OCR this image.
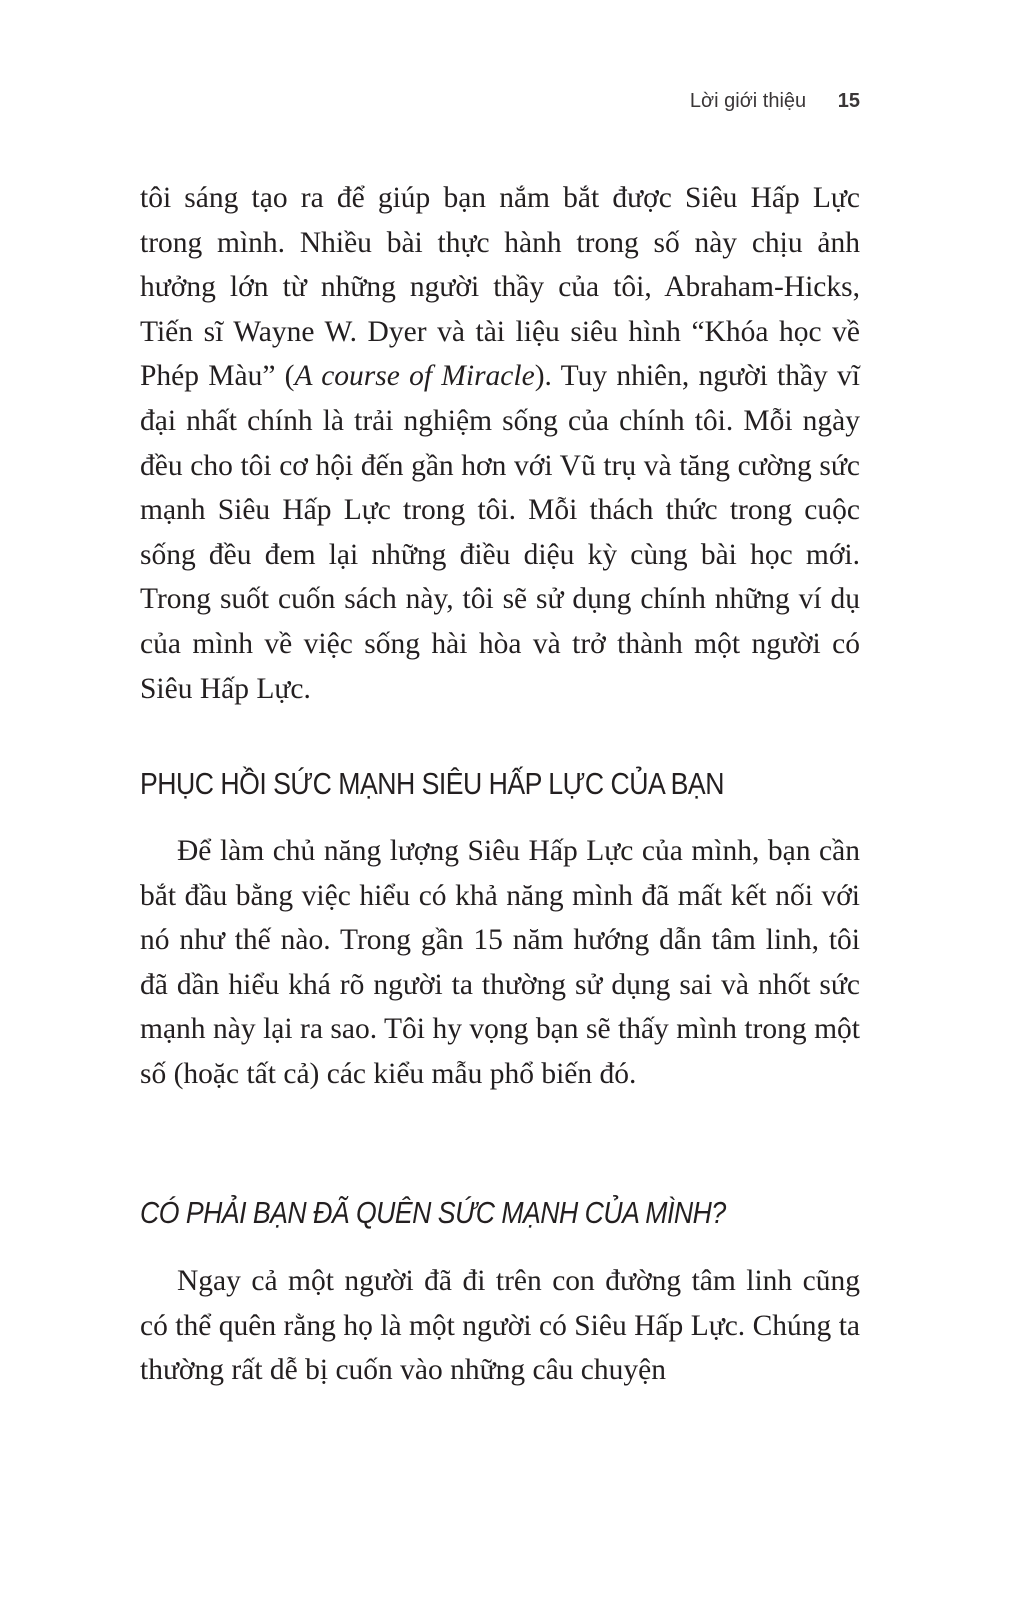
Lời giới thiệu 15

tôi sáng tạo ra để giúp bạn nắm bắt được Siêu Hấp Lực trong mình. Nhiều bài thực hành trong số này chịu ảnh hưởng lớn từ những người thầy của tôi, Abraham-Hicks, Tiến sĩ Wayne W. Dyer và tài liệu siêu hình “Khóa học về Phép Màu” (A course of Miracle). Tuy nhiên, người thầy vĩ đại nhất chính là trải nghiệm sống của chính tôi. Mỗi ngày đều cho tôi cơ hội đến gần hơn với Vũ trụ và tăng cường sức mạnh Siêu Hấp Lực trong tôi. Mỗi thách thức trong cuộc sống đều đem lại những điều diệu kỳ cùng bài học mới. Trong suốt cuốn sách này, tôi sẽ sử dụng chính những ví dụ của mình về việc sống hài hòa và trở thành một người có Siêu Hấp Lực.

PHỤC HỒI SỨC MẠNH SIÊU HẤP LỰC CỦA BẠN

Để làm chủ năng lượng Siêu Hấp Lực của mình, bạn cần bắt đầu bằng việc hiểu có khả năng mình đã mất kết nối với nó như thế nào. Trong gần 15 năm hướng dẫn tâm linh, tôi đã dần hiểu khá rõ người ta thường sử dụng sai và nhốt sức mạnh này lại ra sao. Tôi hy vọng bạn sẽ thấy mình trong một số (hoặc tất cả) các kiểu mẫu phổ biến đó.

CÓ PHẢI BẠN ĐÃ QUÊN SỨC MẠNH CỦA MÌNH?

Ngay cả một người đã đi trên con đường tâm linh cũng có thể quên rằng họ là một người có Siêu Hấp Lực. Chúng ta thường rất dễ bị cuốn vào những câu chuyện
